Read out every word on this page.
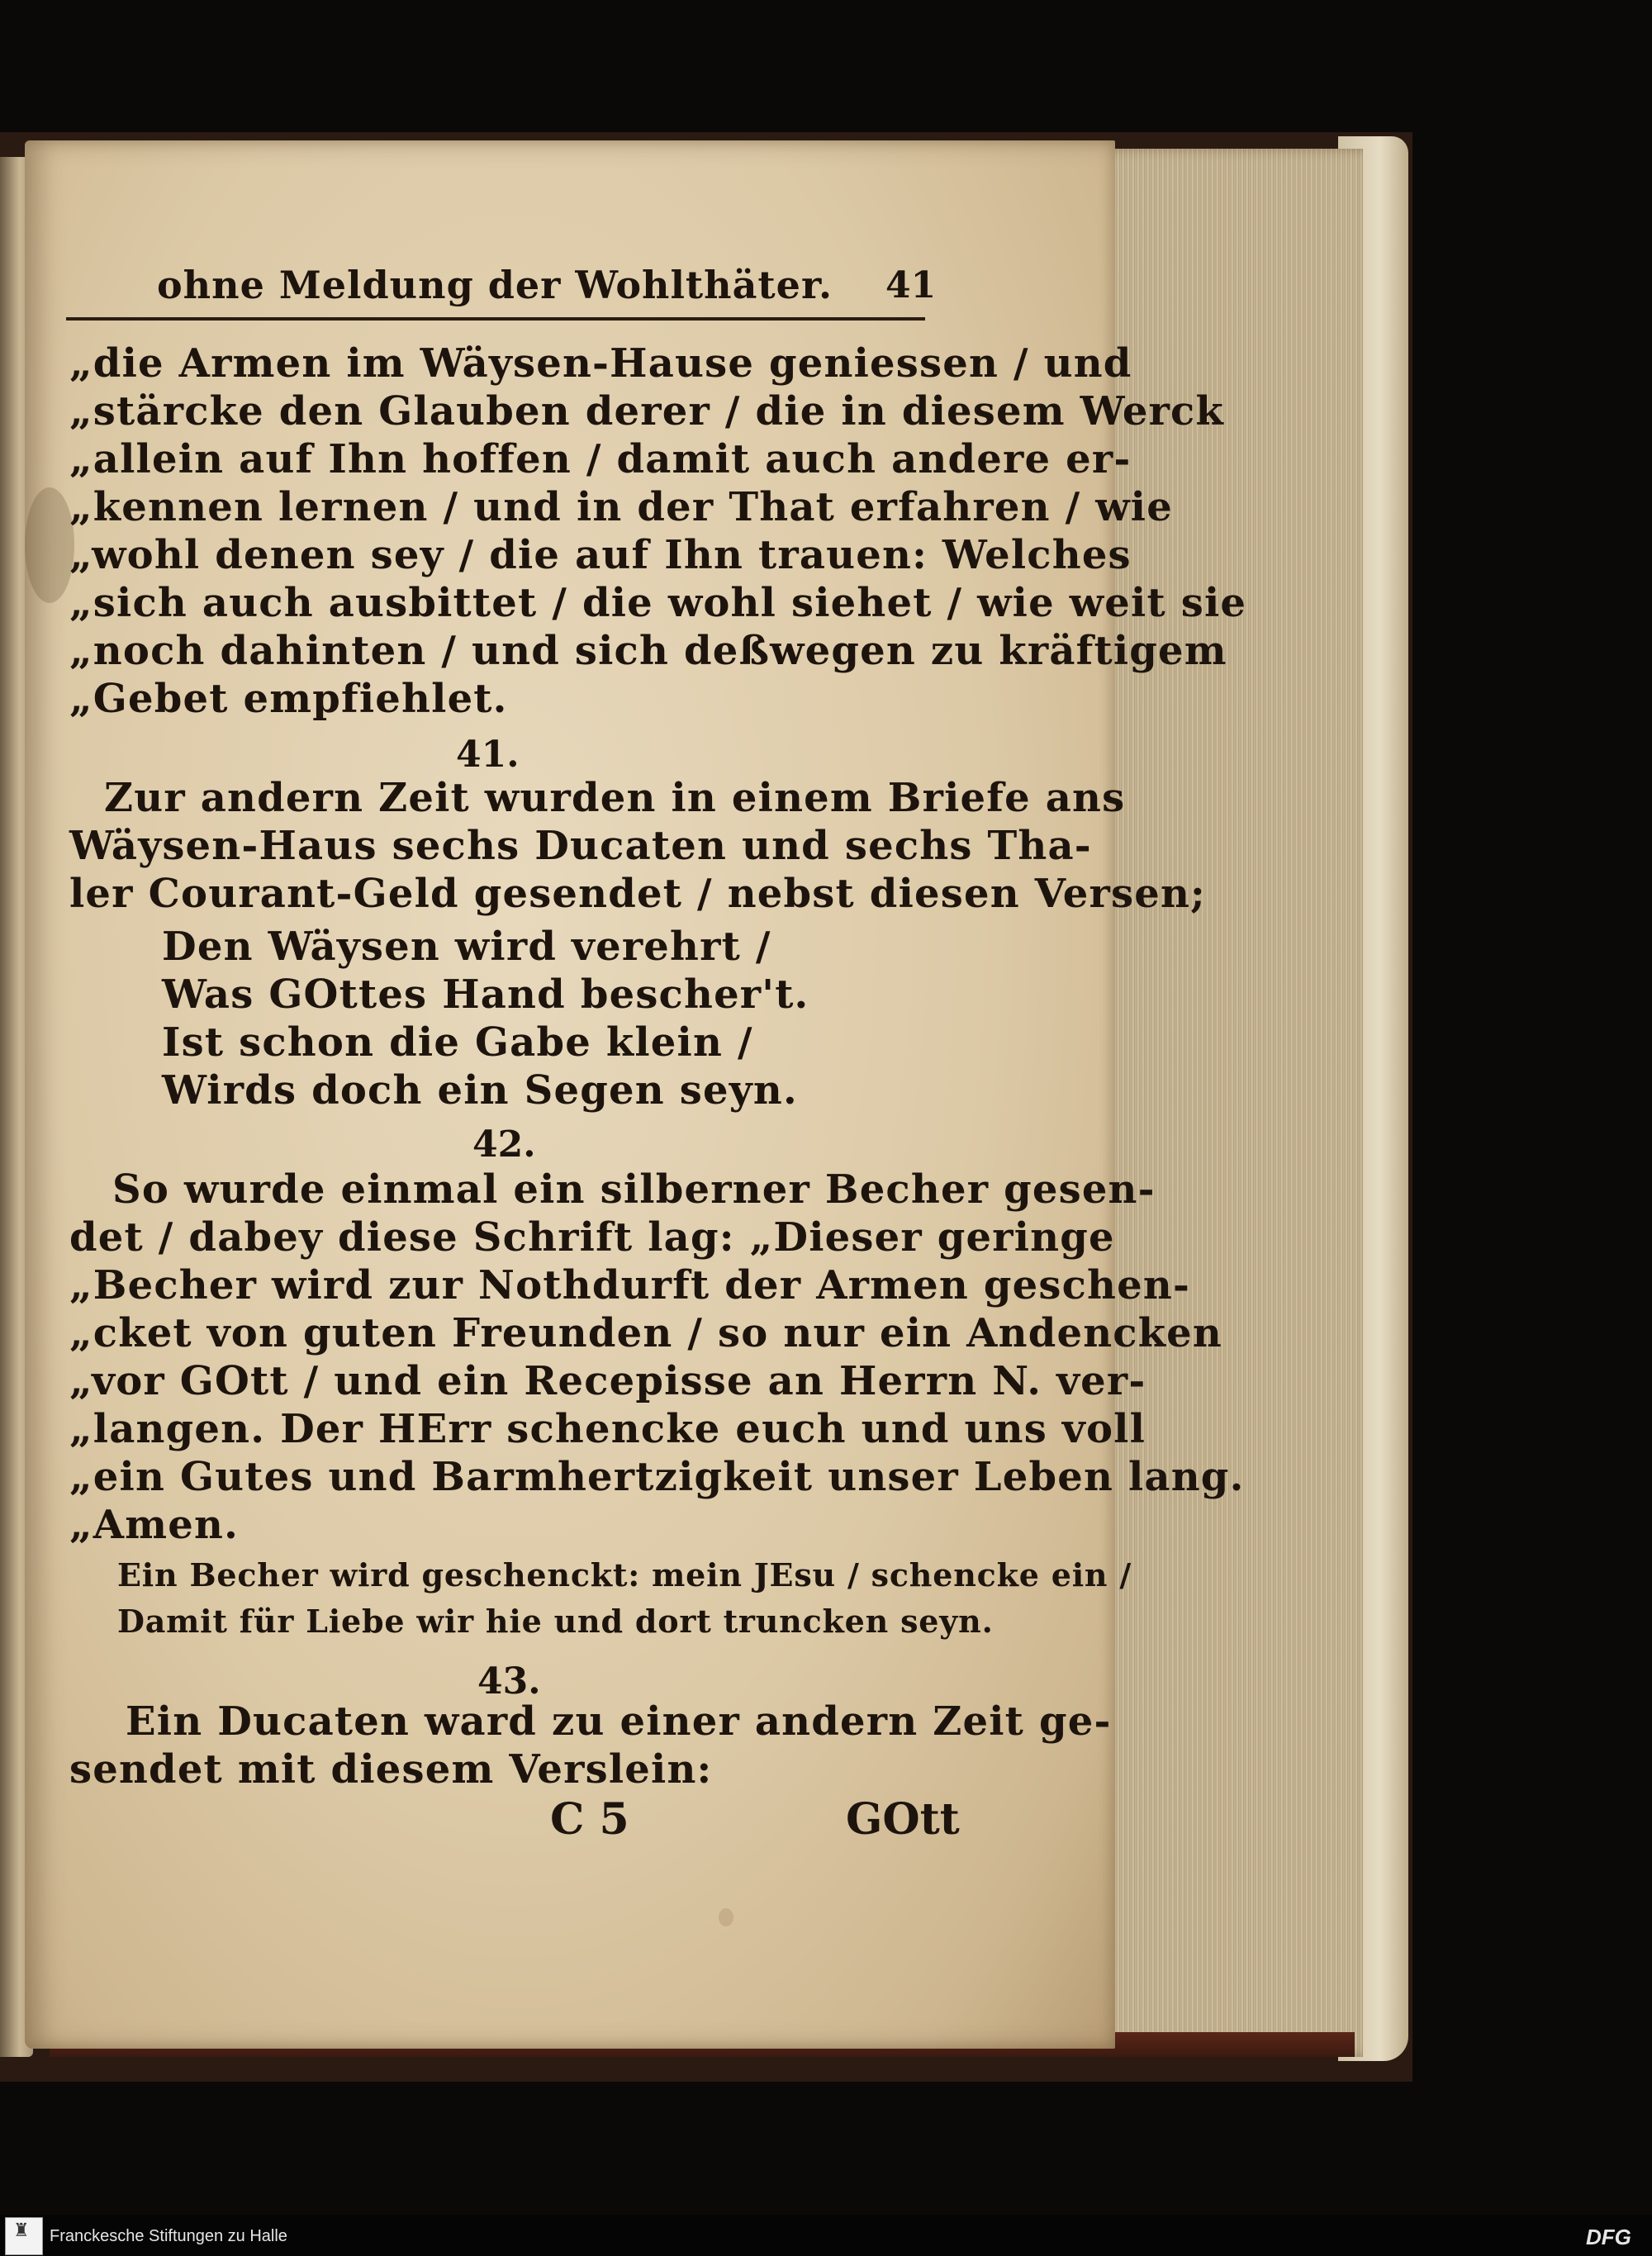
ohne Meldung der Wohlthäter. 41
„die Armen im Wäysen-Hause geniessen / und
„stärcke den Glauben derer / die in diesem Werck
„allein auf Ihn hoffen / damit auch andere er-
„kennen lernen / und in der That erfahren / wie
„wohl denen sey / die auf Ihn trauen: Welches
„sich auch ausbittet / die wohl siehet / wie weit sie
„noch dahinten / und sich deßwegen zu kräftigem
„Gebet empfiehlet.
41.
Zur andern Zeit wurden in einem Briefe ans
Wäysen-Haus sechs Ducaten und sechs Tha-
ler Courant-Geld gesendet / nebst diesen Versen;
Den Wäysen wird verehrt /
Was GOttes Hand bescher't.
Ist schon die Gabe klein /
Wirds doch ein Segen seyn.
42.
So wurde einmal ein silberner Becher gesen-
det / dabey diese Schrift lag: „Dieser geringe
„Becher wird zur Nothdurft der Armen geschen-
„cket von guten Freunden / so nur ein Andencken
„vor GOtt / und ein Recepisse an Herrn N. ver-
„langen. Der HErr schencke euch und uns voll
„ein Gutes und Barmhertzigkeit unser Leben lang.
„Amen.
Ein Becher wird geschenckt: mein JEsu / schencke ein /
Damit für Liebe wir hie und dort truncken seyn.
43.
Ein Ducaten ward zu einer andern Zeit ge-
sendet mit diesem Verslein:
C 5	GOtt
♜ Franckesche Stiftungen zu Halle	DFG
